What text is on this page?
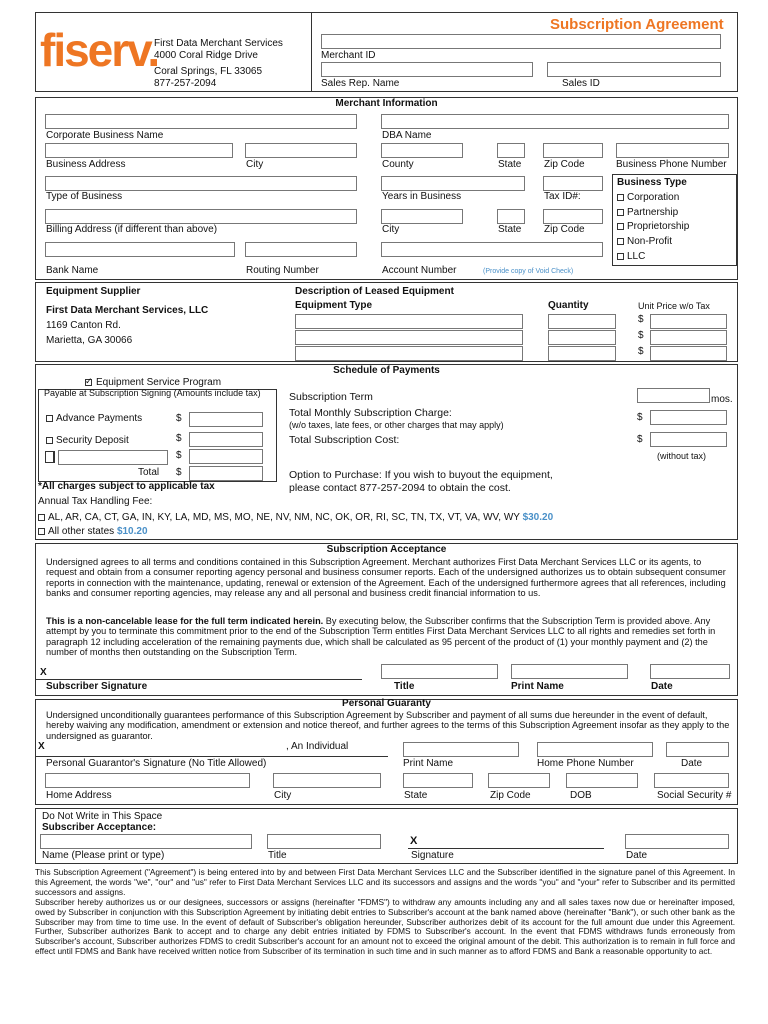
fiserv.
First Data Merchant Services
4000 Coral Ridge Drive
Coral Springs, FL 33065
877-257-2094
Subscription Agreement
Merchant ID
Sales Rep. Name	Sales ID
Merchant Information
Corporate Business Name	DBA Name
Business Address	City	County	State Zip Code	Business Phone Number
Type of Business	Years in Business	Tax ID#:
Business Type
Corporation
Partnership
Proprietorship
Non-Profit
LLC
Billing Address (if different than above)	City	State Zip Code
Bank Name	Routing Number	Account Number	(Provide copy of Void Check)
Equipment Supplier
First Data Merchant Services, LLC
1169 Canton Rd.
Marietta, GA 30066
Description of Leased Equipment
Equipment Type	Quantity	Unit Price w/o Tax
$
$
$
Schedule of Payments
✓ Equipment Service Program
Payable at Subscription Signing (Amounts include tax)
Advance Payments
Security Deposit
Total
$
$
$
$
Subscription Term	mos.
Total Monthly Subscription Charge:
(w/o taxes, late fees, or other charges that may apply)
$
Total Subscription Cost:	$
(without tax)
Option to Purchase: If you wish to buyout the equipment,
please contact 877-257-2094 to obtain the cost.
*All charges subject to applicable tax
Annual Tax Handling Fee:
AL, AR, CA, CT, GA, IN, KY, LA, MD, MS, MO, NE, NV, NM, NC, OK, OR, RI, SC, TN, TX, VT, VA, WV, WY $30.20
All other states $10.20
Subscription Acceptance
Undersigned agrees to all terms and conditions contained in this Subscription Agreement. Merchant authorizes First Data Merchant Services LLC or its agents, to request and obtain from a consumer reporting agency personal and business consumer reports. Each of the undersigned authorizes us to obtain subsequent consumer reports in connection with the maintenance, updating, renewal or extension of the Agreement. Each of the undersigned furthermore agrees that all references, including banks and consumer reporting agencies, may release any and all personal and business credit financial information to us.
This is a non-cancelable lease for the full term indicated herein. By executing below, the Subscriber confirms that the Subscription Term is provided above. Any attempt by you to terminate this commitment prior to the end of the Subscription Term entitles First Data Merchant Services LLC to all rights and remedies set forth in paragraph 12 including acceleration of the remaining payments due, which shall be calculated as 95 percent of the product of (1) your monthly payment and (2) the number of months then outstanding on the Subscription Term.
X
Subscriber Signature	Title	Print Name	Date
Personal Guaranty
Undersigned unconditionally guarantees performance of this Subscription Agreement by Subscriber and payment of all sums due hereunder in the event of default, hereby waiving any modification, amendment or extension and notice thereof, and further agrees to the terms of this Subscription Agreement insofar as they apply to the undersigned as guarantor.
X	, An Individual
Personal Guarantor's Signature (No Title Allowed)	Print Name	Home Phone Number	Date
Home Address	City	State	Zip Code	DOB	Social Security #
Do Not Write in This Space
Subscriber Acceptance:
X
Name (Please print or type)	Title	Signature	Date
This Subscription Agreement ("Agreement") is being entered into by and between First Data Merchant Services LLC and the Subscriber identified in the signature panel of this Agreement. In this Agreement, the words "we", "our" and "us" refer to First Data Merchant Services LLC and its successors and assigns and the words "you" and "your" refer to Subscriber and its permitted successors and assigns.
Subscriber hereby authorizes us or our designees, successors or assigns (hereinafter "FDMS") to withdraw any amounts including any and all sales taxes now due or hereinafter imposed, owed by Subscriber in conjunction with this Subscription Agreement by initiating debit entries to Subscriber's account at the bank named above (hereinafter "Bank"), or such other bank as the Subscriber may from time to time use. In the event of default of Subscriber's obligation hereunder, Subscriber authorizes debit of its account for the full amount due under this Agreement. Further, Subscriber authorizes Bank to accept and to charge any debit entries initiated by FDMS to Subscriber's account. In the event that FDMS withdraws funds erroneously from Subscriber's account, Subscriber authorizes FDMS to credit Subscriber's account for an amount not to exceed the original amount of the debit. This authorization is to remain in full force and effect until FDMS and Bank have received written notice from Subscriber of its termination in such time and in such manner as to afford FDMS and Bank a reasonable opportunity to act.
